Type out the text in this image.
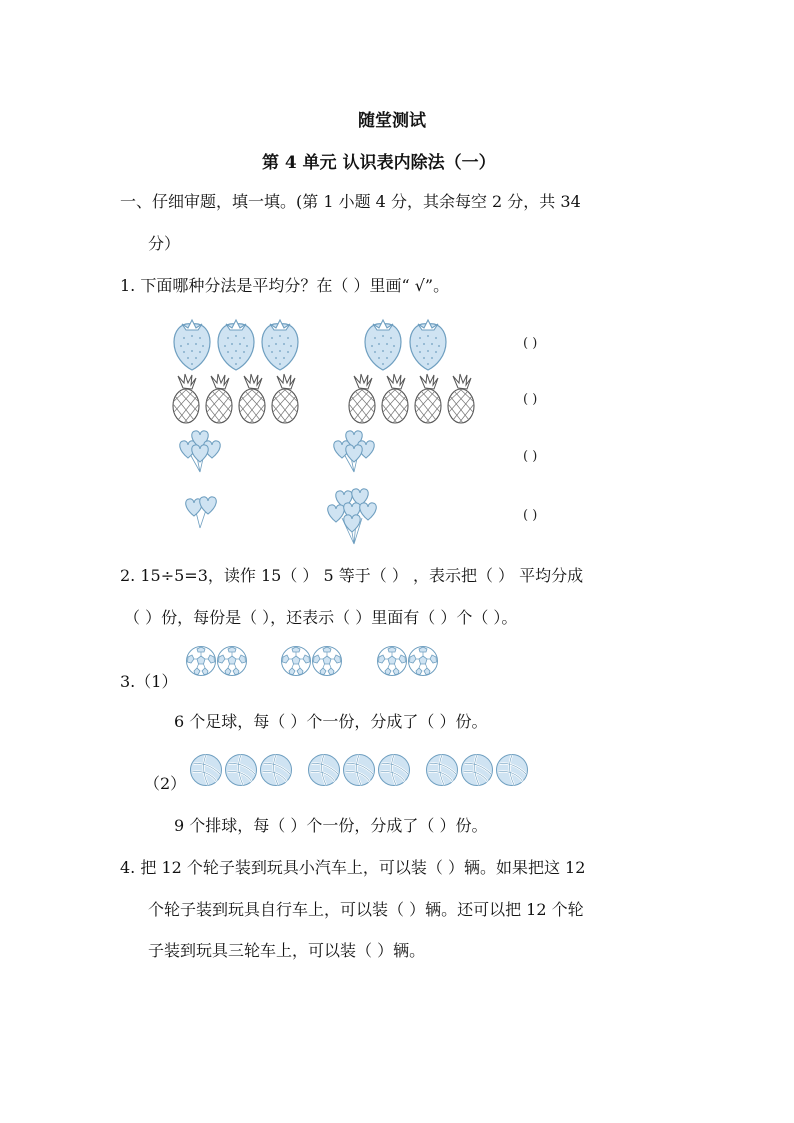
随堂测试
第 4 单元 认识表内除法（一）
一、仔细审题，填一填。(第 1 小题 4 分，其余每空 2 分，共 34
分）
1. 下面哪种分法是平均分？在（ ）里画“ √”。
( )
( )
( )
( )
2. 15÷5=3，读作 15（ ） 5 等于（ ） ，表示把（ ） 平均分成
（ ）份，每份是（ ），还表示（ ）里面有（ ）个（ ）。
3.（1）
6 个足球，每（ ）个一份，分成了（ ）份。
（2）
9 个排球，每（ ）个一份，分成了（ ）份。
4. 把 12 个轮子装到玩具小汽车上，可以装（ ）辆。如果把这 12
个轮子装到玩具自行车上，可以装（ ）辆。还可以把 12 个轮
子装到玩具三轮车上，可以装（ ）辆。
